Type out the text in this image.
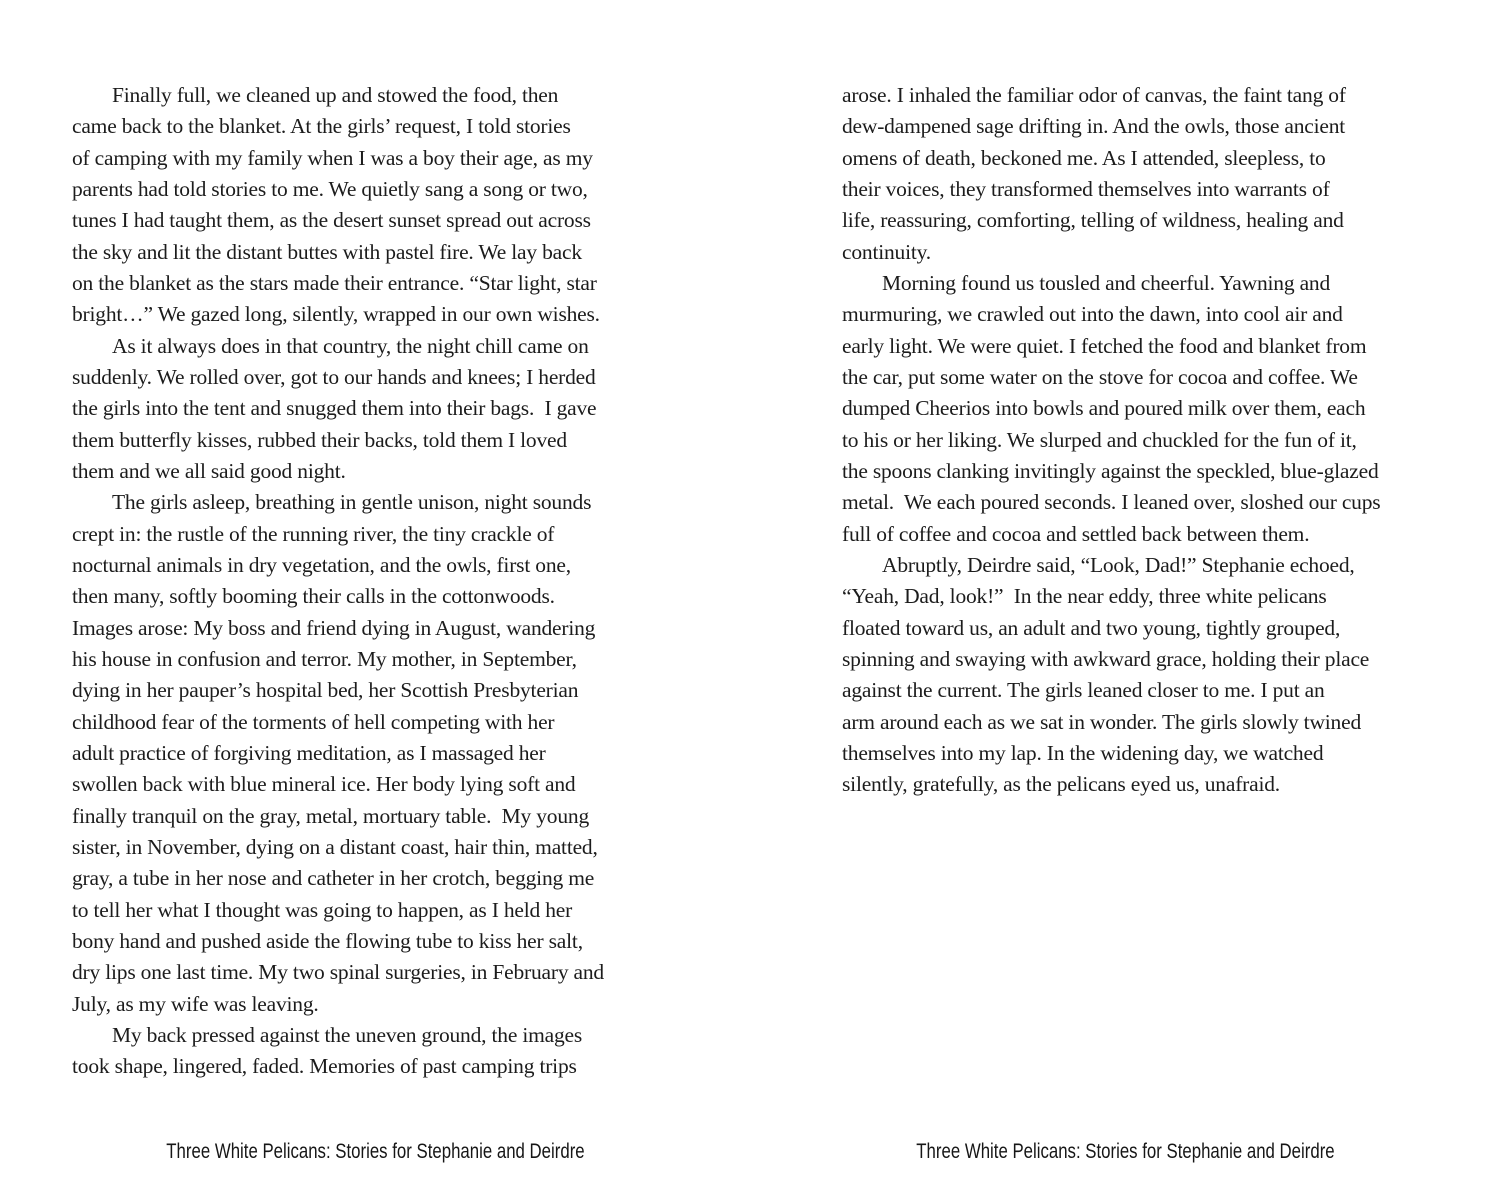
Finally full, we cleaned up and stowed the food, then
came back to the blanket. At the girls’ request, I told stories
of camping with my family when I was a boy their age, as my
parents had told stories to me. We quietly sang a song or two,
tunes I had taught them, as the desert sunset spread out across
the sky and lit the distant buttes with pastel fire. We lay back
on the blanket as the stars made their entrance. “Star light, star
bright…” We gazed long, silently, wrapped in our own wishes.

As it always does in that country, the night chill came on
suddenly. We rolled over, got to our hands and knees; I herded
the girls into the tent and snugged them into their bags.  I gave
them butterfly kisses, rubbed their backs, told them I loved
them and we all said good night.

The girls asleep, breathing in gentle unison, night sounds
crept in: the rustle of the running river, the tiny crackle of
nocturnal animals in dry vegetation, and the owls, first one,
then many, softly booming their calls in the cottonwoods.
Images arose: My boss and friend dying in August, wandering
his house in confusion and terror. My mother, in September,
dying in her pauper’s hospital bed, her Scottish Presbyterian
childhood fear of the torments of hell competing with her
adult practice of forgiving meditation, as I massaged her
swollen back with blue mineral ice. Her body lying soft and
finally tranquil on the gray, metal, mortuary table.  My young
sister, in November, dying on a distant coast, hair thin, matted,
gray, a tube in her nose and catheter in her crotch, begging me
to tell her what I thought was going to happen, as I held her
bony hand and pushed aside the flowing tube to kiss her salt,
dry lips one last time. My two spinal surgeries, in February and
July, as my wife was leaving.

My back pressed against the uneven ground, the images
took shape, lingered, faded. Memories of past camping trips

Three White Pelicans: Stories for Stephanie and Deirdre

arose. I inhaled the familiar odor of canvas, the faint tang of
dew-dampened sage drifting in. And the owls, those ancient
omens of death, beckoned me. As I attended, sleepless, to
their voices, they transformed themselves into warrants of
life, reassuring, comforting, telling of wildness, healing and
continuity.

Morning found us tousled and cheerful. Yawning and
murmuring, we crawled out into the dawn, into cool air and
early light. We were quiet. I fetched the food and blanket from
the car, put some water on the stove for cocoa and coffee. We
dumped Cheerios into bowls and poured milk over them, each
to his or her liking. We slurped and chuckled for the fun of it,
the spoons clanking invitingly against the speckled, blue-glazed
metal.  We each poured seconds. I leaned over, sloshed our cups
full of coffee and cocoa and settled back between them.

Abruptly, Deirdre said, “Look, Dad!” Stephanie echoed,
“Yeah, Dad, look!”  In the near eddy, three white pelicans
floated toward us, an adult and two young, tightly grouped,
spinning and swaying with awkward grace, holding their place
against the current. The girls leaned closer to me. I put an
arm around each as we sat in wonder. The girls slowly twined
themselves into my lap. In the widening day, we watched
silently, gratefully, as the pelicans eyed us, unafraid.

Three White Pelicans: Stories for Stephanie and Deirdre
